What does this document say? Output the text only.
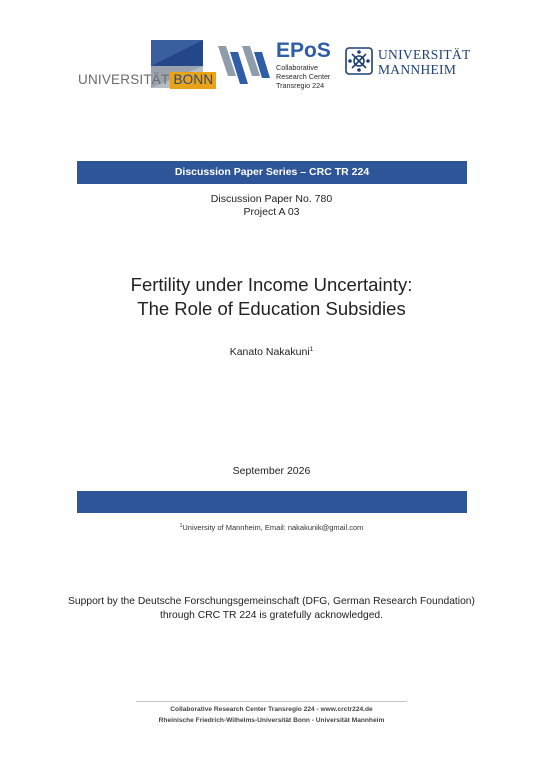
UNIVERSITÄT BONN
EPoS
Collaborative
Research Center
Transregio 224
UNIVERSITÄT
MANNHEIM
Discussion Paper Series – CRC TR 224
Discussion Paper No. 780
Project A 03
Fertility under Income Uncertainty:
The Role of Education Subsidies
Kanato Nakakuni$^1$
September 2026
$^1$University of Mannheim, Email: nakakunik@gmail.com
Support by the Deutsche Forschungsgemeinschaft (DFG, German Research Foundation)
through CRC TR 224 is gratefully acknowledged.
Collaborative Research Center Transregio 224 - www.crctr224.de
Rheinische Friedrich-Wilhelms-Universität Bonn - Universität Mannheim
